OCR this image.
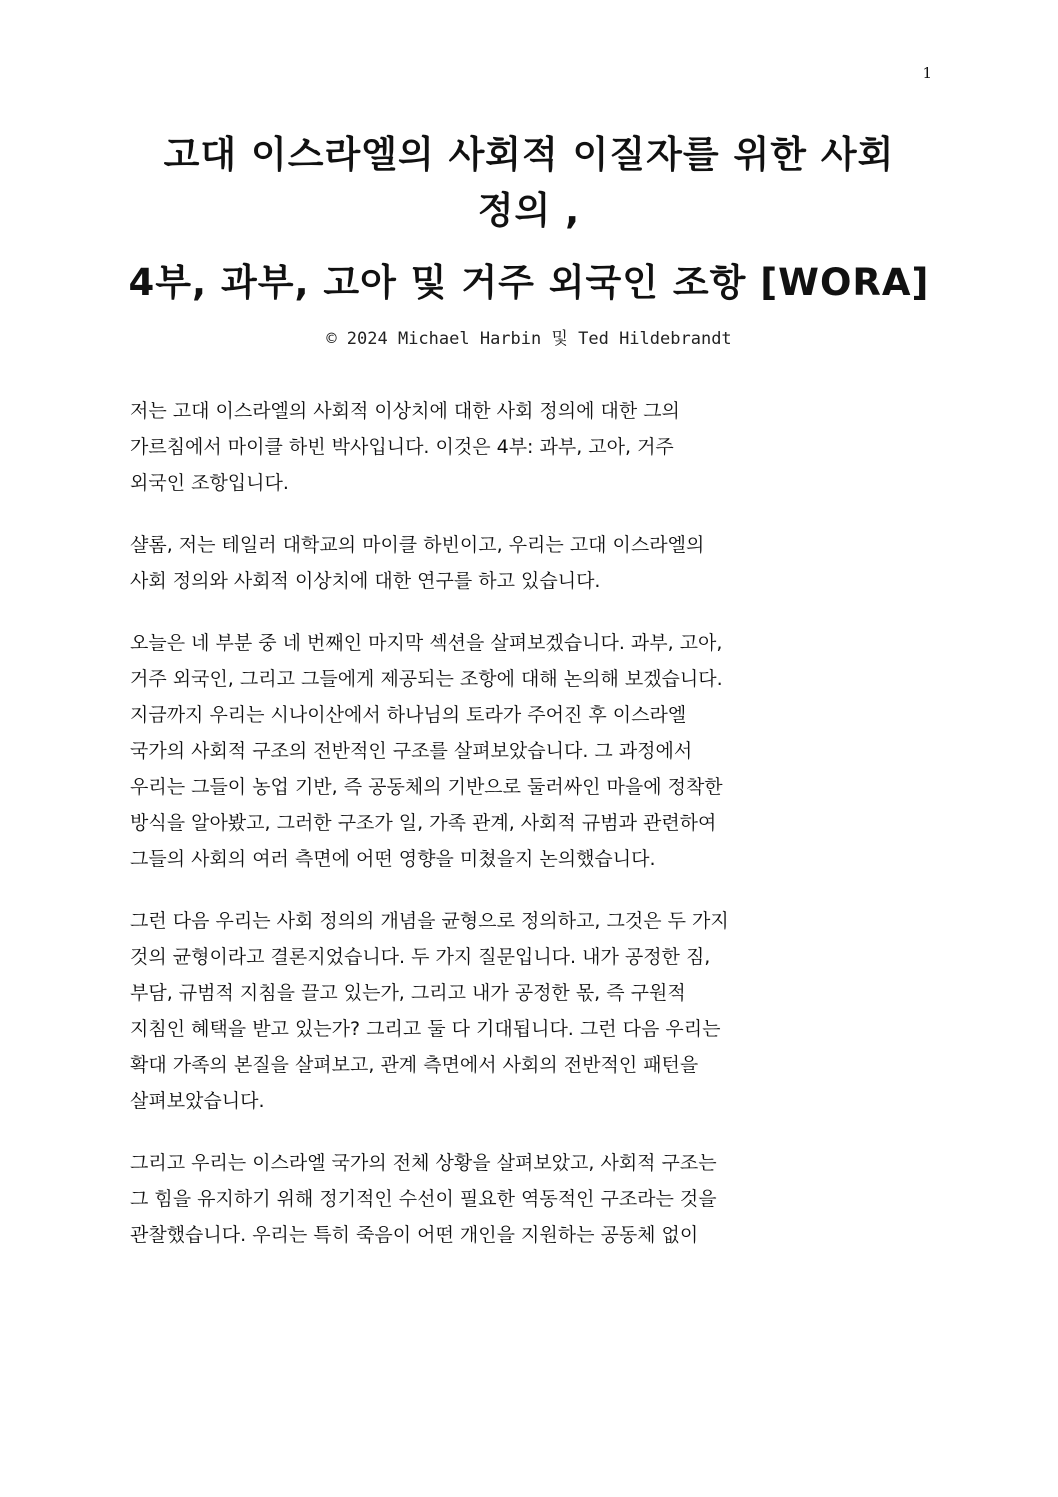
1
고대 이스라엘의 사회적 이질자를 위한 사회
정의 ,
4부, 과부, 고아 및 거주 외국인 조항 [WORA]
© 2024 Michael Harbin 및 Ted Hildebrandt

저는 고대 이스라엘의 사회적 이상치에 대한 사회 정의에 대한 그의
가르침에서 마이클 하빈 박사입니다. 이것은 4부: 과부, 고아, 거주
외국인 조항입니다.

샬롬, 저는 테일러 대학교의 마이클 하빈이고, 우리는 고대 이스라엘의
사회 정의와 사회적 이상치에 대한 연구를 하고 있습니다.

오늘은 네 부분 중 네 번째인 마지막 섹션을 살펴보겠습니다. 과부, 고아,
거주 외국인, 그리고 그들에게 제공되는 조항에 대해 논의해 보겠습니다.
지금까지 우리는 시나이산에서 하나님의 토라가 주어진 후 이스라엘
국가의 사회적 구조의 전반적인 구조를 살펴보았습니다. 그 과정에서
우리는 그들이 농업 기반, 즉 공동체의 기반으로 둘러싸인 마을에 정착한
방식을 알아봤고, 그러한 구조가 일, 가족 관계, 사회적 규범과 관련하여
그들의 사회의 여러 측면에 어떤 영향을 미쳤을지 논의했습니다.

그런 다음 우리는 사회 정의의 개념을 균형으로 정의하고, 그것은 두 가지
것의 균형이라고 결론지었습니다. 두 가지 질문입니다. 내가 공정한 짐,
부담, 규범적 지침을 끌고 있는가, 그리고 내가 공정한 몫, 즉 구원적
지침인 혜택을 받고 있는가? 그리고 둘 다 기대됩니다. 그런 다음 우리는
확대 가족의 본질을 살펴보고, 관계 측면에서 사회의 전반적인 패턴을
살펴보았습니다.

그리고 우리는 이스라엘 국가의 전체 상황을 살펴보았고, 사회적 구조는
그 힘을 유지하기 위해 정기적인 수선이 필요한 역동적인 구조라는 것을
관찰했습니다. 우리는 특히 죽음이 어떤 개인을 지원하는 공동체 없이
